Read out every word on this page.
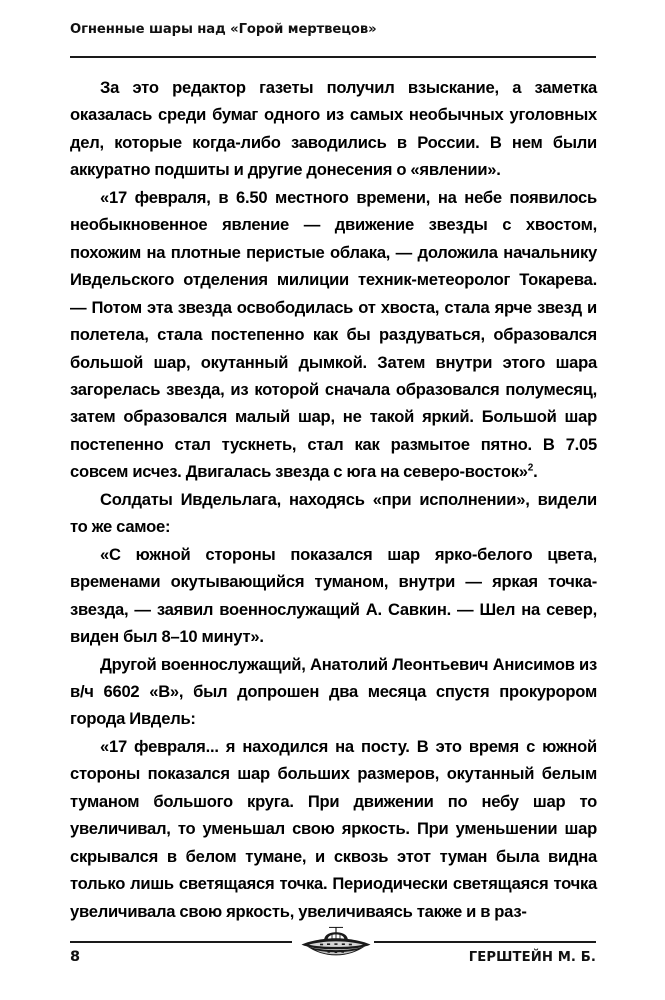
Огненные шары над «Горой мертвецов»

За это редактор газеты получил взыскание, а заметка оказалась среди бумаг одного из самых необычных уголовных дел, которые когда-либо заводились в России. В нем были аккуратно подшиты и другие донесения о «явлении».

«17 февраля, в 6.50 местного времени, на небе появилось необыкновенное явление — движение звезды с хвостом, похожим на плотные перистые облака, — доложила начальнику Ивдельского отделения милиции техник-метеоролог Токарева. — Потом эта звезда освободилась от хвоста, стала ярче звезд и полетела, стала постепенно как бы раздуваться, образовался большой шар, окутанный дымкой. Затем внутри этого шара загорелась звезда, из которой сначала образовался полумесяц, затем образовался малый шар, не такой яркий. Большой шар постепенно стал тускнеть, стал как размытое пятно. В 7.05 совсем исчез. Двигалась звезда с юга на северо-восток»$^2$.

Солдаты Ивдельлага, находясь «при исполнении», видели то же самое:

«С южной стороны показался шар ярко-белого цвета, временами окутывающийся туманом, внутри — яркая точка-звезда, — заявил военнослужащий А. Савкин. — Шел на север, виден был 8–10 минут».

Другой военнослужащий, Анатолий Леонтьевич Анисимов из в/ч 6602 «В», был допрошен два месяца спустя прокурором города Ивдель:

«17 февраля... я находился на посту. В это время с южной стороны показался шар больших размеров, окутанный белым туманом большого круга. При движении по небу шар то увеличивал, то уменьшал свою яркость. При уменьшении шар скрывался в белом тумане, и сквозь этот туман была видна только лишь светящаяся точка. Периодически светящаяся точка увеличивала свою яркость, увеличиваясь также и в раз-

8	ГЕРШТЕЙН М. Б.
